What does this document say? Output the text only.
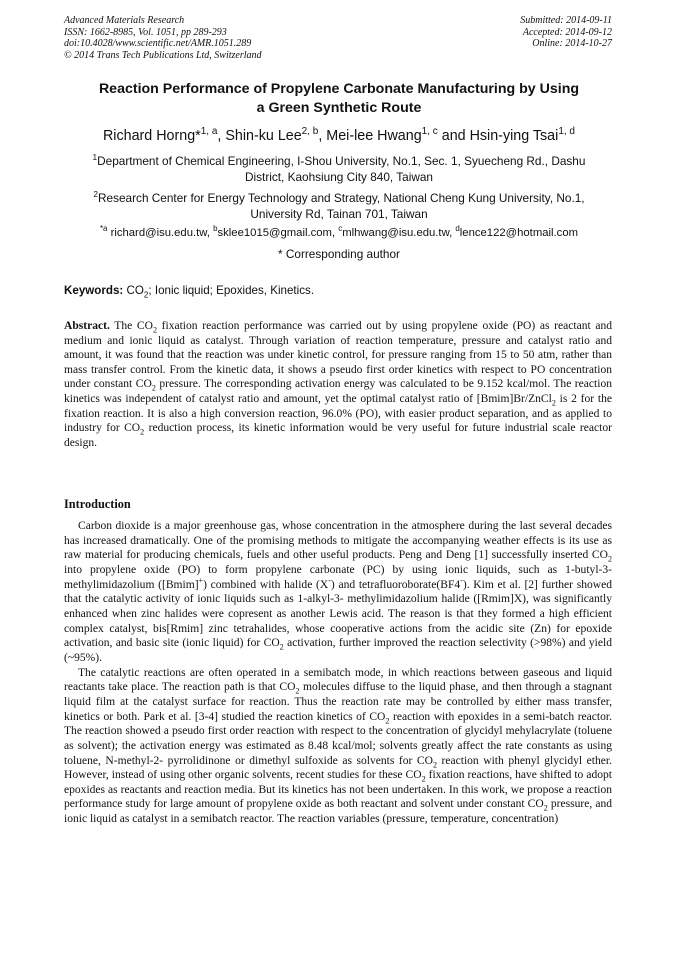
Advanced Materials Research
ISSN: 1662-8985, Vol. 1051, pp 289-293
doi:10.4028/www.scientific.net/AMR.1051.289
© 2014 Trans Tech Publications Ltd, Switzerland
Submitted: 2014-09-11
Accepted: 2014-09-12
Online: 2014-10-27
Reaction Performance of Propylene Carbonate Manufacturing by Using
a Green Synthetic Route
Richard Horng*$^{1, a}$, Shin-ku Lee$^{2, b}$, Mei-lee Hwang$^{1, c}$ and Hsin-ying Tsai$^{1, d}$
$^1$Department of Chemical Engineering, I-Shou University, No.1, Sec. 1, Syuecheng Rd., Dashu
District, Kaohsiung City 840, Taiwan
$^2$Research Center for Energy Technology and Strategy, National Cheng Kung University, No.1,
University Rd, Tainan 701, Taiwan
$^{*a}$ richard@isu.edu.tw, $^b$sklee1015@gmail.com, $^c$mlhwang@isu.edu.tw, $^d$lence122@hotmail.com
* Corresponding author
Keywords: $CO_2$; Ionic liquid; Epoxides, Kinetics.

Abstract. The $CO_2$ fixation reaction performance was carried out by using propylene oxide (PO) as reactant and medium and ionic liquid as catalyst. Through variation of reaction temperature, pressure and catalyst ratio and amount, it was found that the reaction was under kinetic control, for pressure ranging from 15 to 50 atm, rather than mass transfer control. From the kinetic data, it shows a pseudo first order kinetics with respect to PO concentration under constant $CO_2$ pressure. The corresponding activation energy was calculated to be 9.152 kcal/mol. The reaction kinetics was independent of catalyst ratio and amount, yet the optimal catalyst ratio of [Bmim]Br/ZnCl$_2$ is 2 for the fixation reaction. It is also a high conversion reaction, 96.0% (PO), with easier product separation, and as applied to industry for $CO_2$ reduction process, its kinetic information would be very useful for future industrial scale reactor design.

Introduction

Carbon dioxide is a major greenhouse gas, whose concentration in the atmosphere during the last several decades has increased dramatically. One of the promising methods to mitigate the accompanying weather effects is its use as raw material for producing chemicals, fuels and other useful products. Peng and Deng [1] successfully inserted $CO_2$ into propylene oxide (PO) to form propylene carbonate (PC) by using ionic liquids, such as 1-butyl-3- methylimidazolium ([Bmim]+) combined with halide (X-) and tetrafluoroborate(BF4-). Kim et al. [2] further showed that the catalytic activity of ionic liquids such as 1-alkyl-3- methylimidazolium halide ([Rmim]X), was significantly enhanced when zinc halides were copresent as another Lewis acid. The reason is that they formed a high efficient complex catalyst, bis[Rmim] zinc tetrahalides, whose cooperative actions from the acidic site (Zn) for epoxide activation, and basic site (ionic liquid) for $CO_2$ activation, further improved the reaction selectivity (>98%) and yield (~95%).

The catalytic reactions are often operated in a semibatch mode, in which reactions between gaseous and liquid reactants take place. The reaction path is that $CO_2$ molecules diffuse to the liquid phase, and then through a stagnant liquid film at the catalyst surface for reaction. Thus the reaction rate may be controlled by either mass transfer, kinetics or both. Park et al. [3-4] studied the reaction kinetics of $CO_2$ reaction with epoxides in a semi-batch reactor. The reaction showed a pseudo first order reaction with respect to the concentration of glycidyl mehylacrylate (toluene as solvent); the activation energy was estimated as 8.48 kcal/mol; solvents greatly affect the rate constants as using toluene, N-methyl-2- pyrrolidinone or dimethyl sulfoxide as solvents for $CO_2$ reaction with phenyl glycidyl ether. However, instead of using other organic solvents, recent studies for these $CO_2$ fixation reactions, have shifted to adopt epoxides as reactants and reaction media. But its kinetics has not been undertaken. In this work, we propose a reaction performance study for large amount of propylene oxide as both reactant and solvent under constant $CO_2$ pressure, and ionic liquid as catalyst in a semibatch reactor. The reaction variables (pressure, temperature, concentration)
